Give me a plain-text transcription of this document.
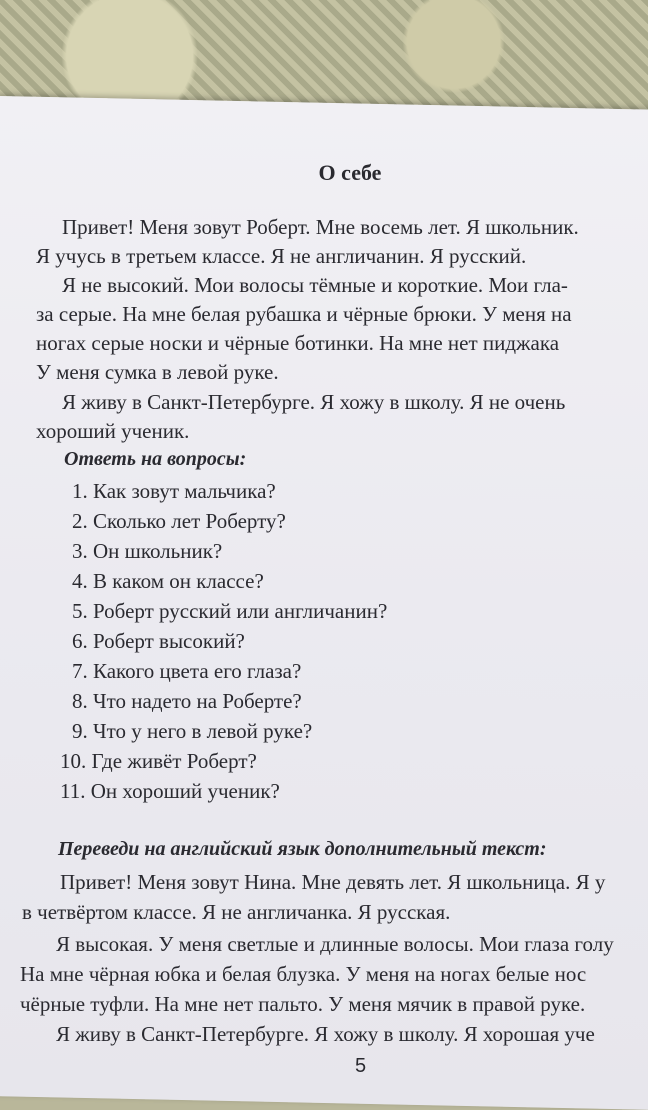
О себе
Привет! Меня зовут Роберт. Мне восемь лет. Я школьник.
Я учусь в третьем классе. Я не англичанин. Я русский.
Я не высокий. Мои волосы тёмные и короткие. Мои гла-
за серые. На мне белая рубашка и чёрные брюки. У меня на
ногах серые носки и чёрные ботинки. На мне нет пиджака
У меня сумка в левой руке.
Я живу в Санкт-Петербурге. Я хожу в школу. Я не очень
хороший ученик.
Ответь на вопросы:
1. Как зовут мальчика?
2. Сколько лет Роберту?
3. Он школьник?
4. В каком он классе?
5. Роберт русский или англичанин?
6. Роберт высокий?
7. Какого цвета его глаза?
8. Что надето на Роберте?
9. Что у него в левой руке?
10. Где живёт Роберт?
11. Он хороший ученик?
Переведи на английский язык дополнительный текст:
Привет! Меня зовут Нина. Мне девять лет. Я школьница. Я у
в четвёртом классе. Я не англичанка. Я русская.
Я высокая. У меня светлые и длинные волосы. Мои глаза голу
На мне чёрная юбка и белая блузка. У меня на ногах белые нос
чёрные туфли. На мне нет пальто. У меня мячик в правой руке.
Я живу в Санкт-Петербурге. Я хожу в школу. Я хорошая уче
5
